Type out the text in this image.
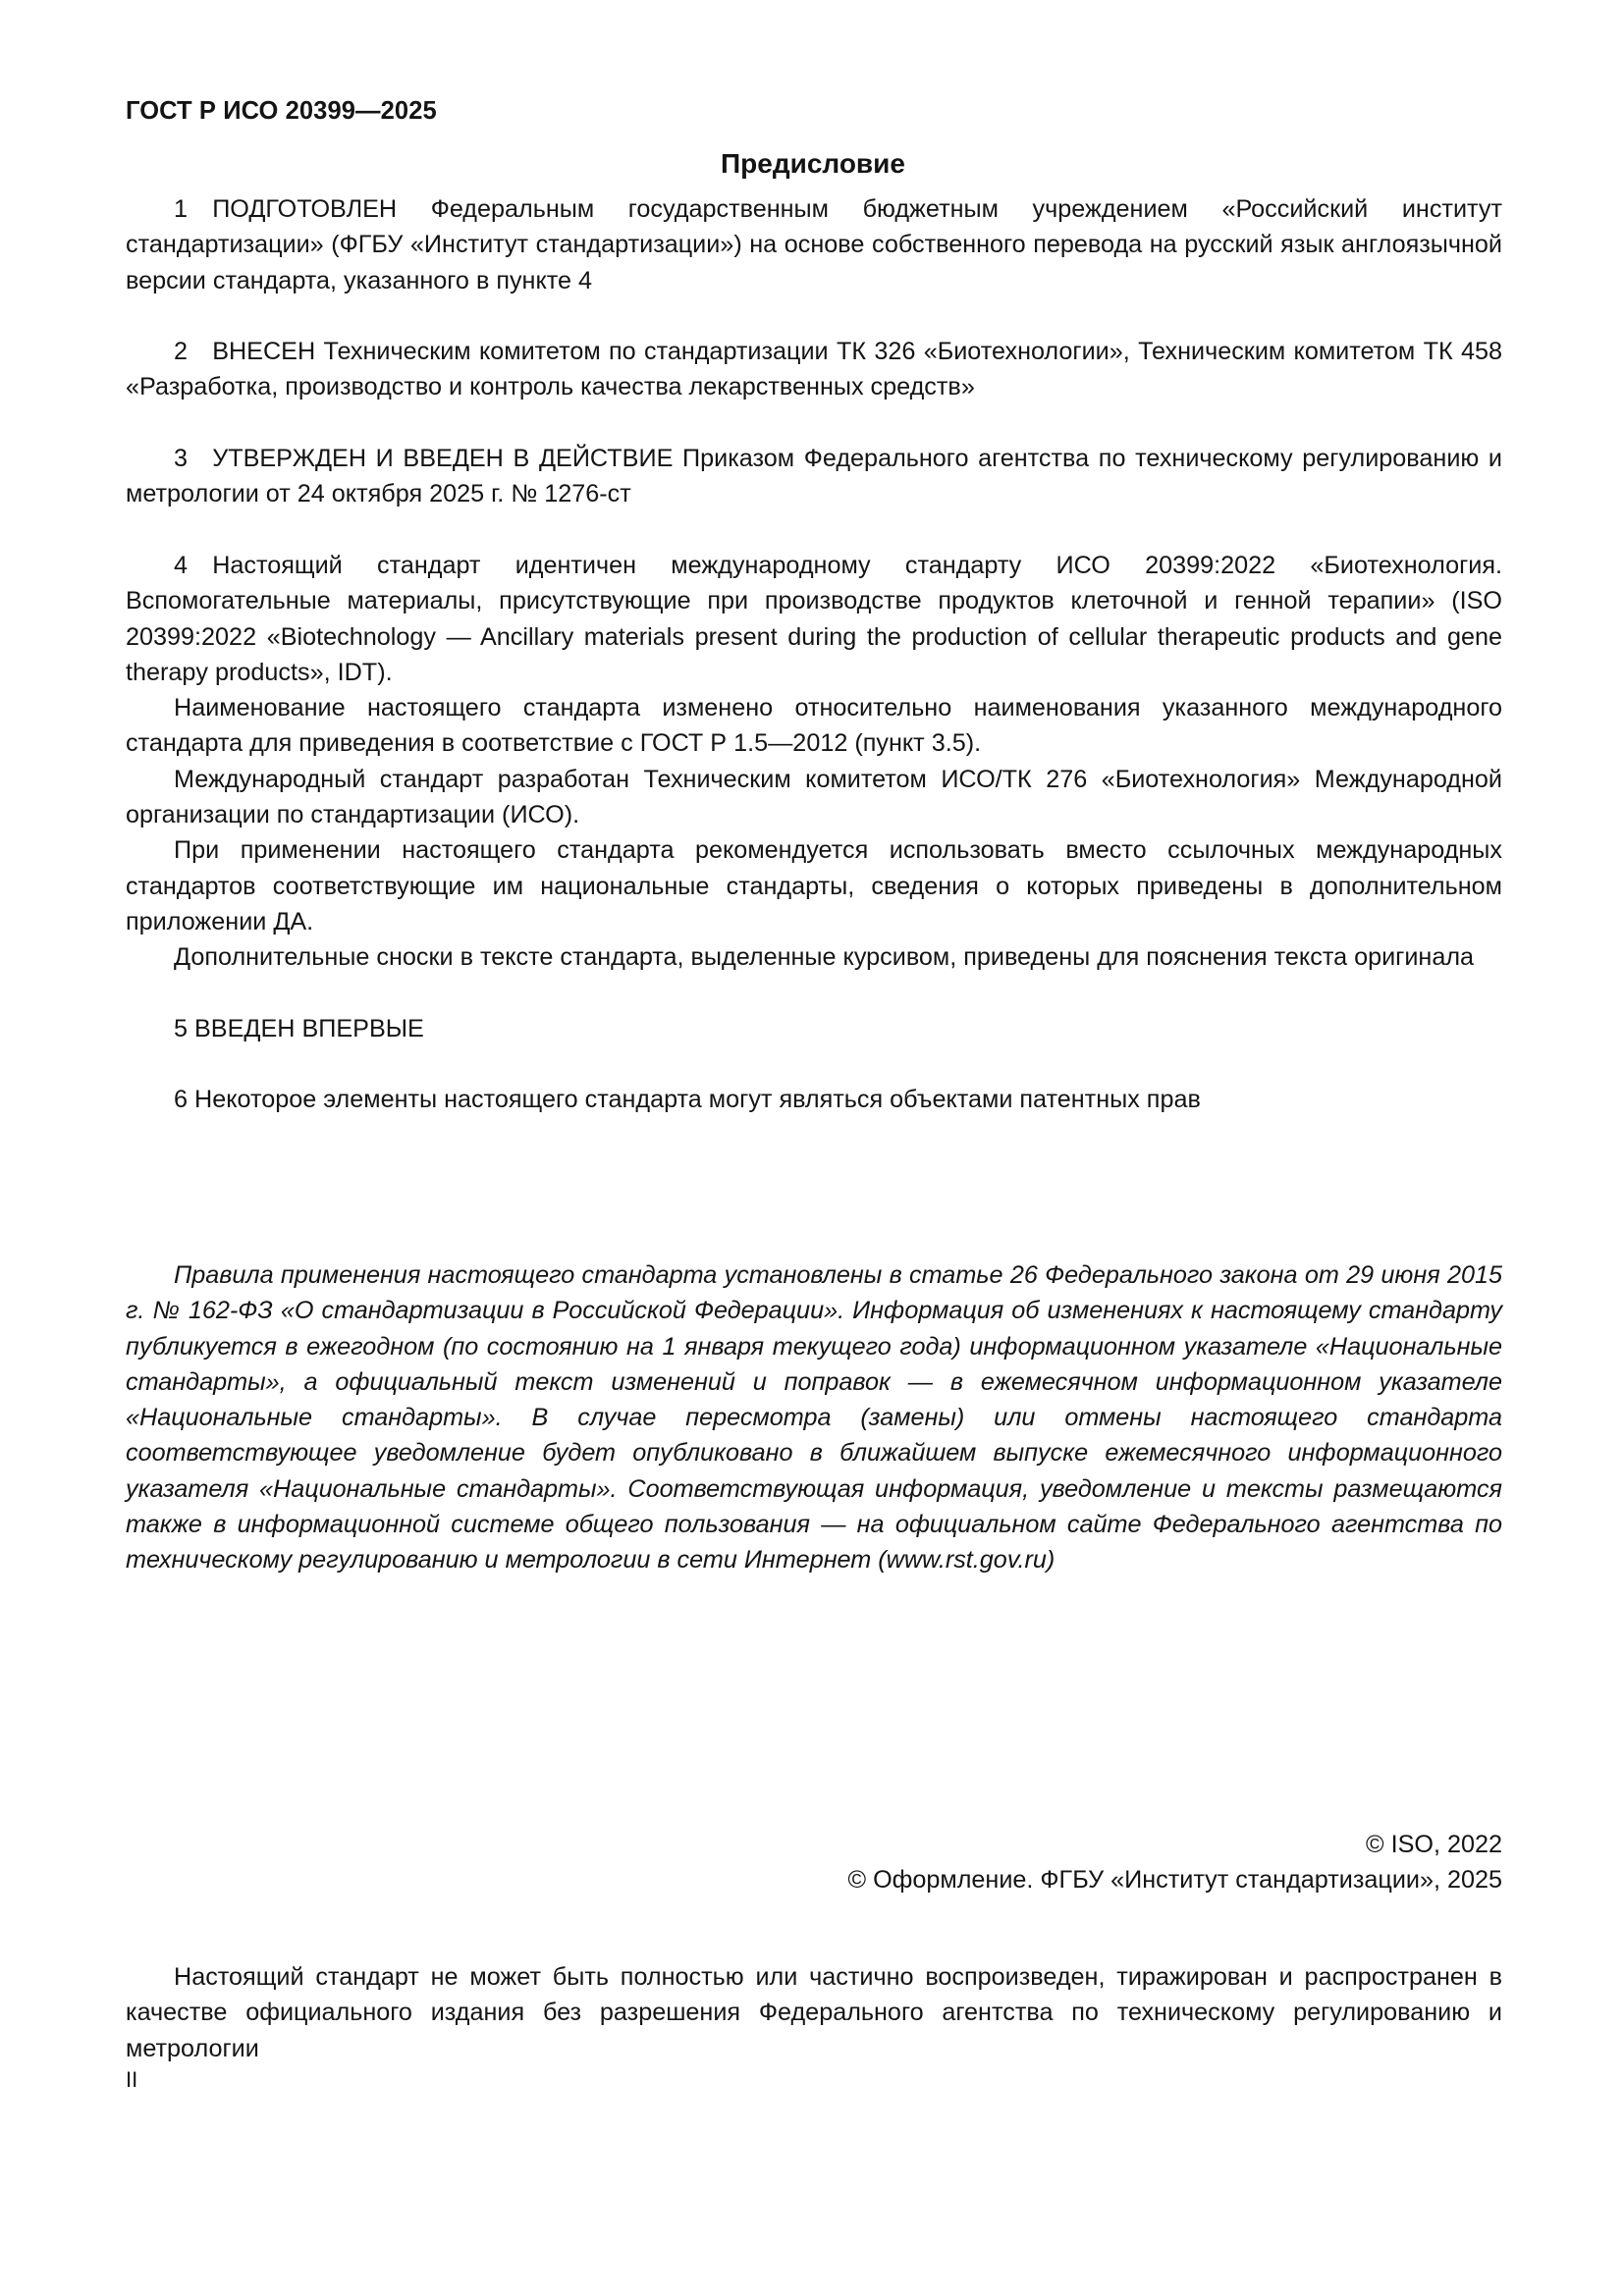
ГОСТ Р ИСО 20399—2025
Предисловие

1 ПОДГОТОВЛЕН Федеральным государственным бюджетным учреждением «Российский институт стандартизации» (ФГБУ «Институт стандартизации») на основе собственного перевода на русский язык англоязычной версии стандарта, указанного в пункте 4

2 ВНЕСЕН Техническим комитетом по стандартизации ТК 326 «Биотехнологии», Техническим комитетом ТК 458 «Разработка, производство и контроль качества лекарственных средств»

3 УТВЕРЖДЕН И ВВЕДЕН В ДЕЙСТВИЕ Приказом Федерального агентства по техническому регулированию и метрологии от 24 октября 2025 г. № 1276-ст

4 Настоящий стандарт идентичен международному стандарту ИСО 20399:2022 «Биотехнология. Вспомогательные материалы, присутствующие при производстве продуктов клеточной и генной терапии» (ISO 20399:2022 «Biotechnology — Ancillary materials present during the production of cellular therapeutic products and gene therapy products», IDT).

Наименование настоящего стандарта изменено относительно наименования указанного международного стандарта для приведения в соответствие с ГОСТ Р 1.5—2012 (пункт 3.5).

Международный стандарт разработан Техническим комитетом ИСО/ТК 276 «Биотехнология» Международной организации по стандартизации (ИСО).

При применении настоящего стандарта рекомендуется использовать вместо ссылочных международных стандартов соответствующие им национальные стандарты, сведения о которых приведены в дополнительном приложении ДА.

Дополнительные сноски в тексте стандарта, выделенные курсивом, приведены для пояснения текста оригинала

5 ВВЕДЕН ВПЕРВЫЕ

6 Некоторое элементы настоящего стандарта могут являться объектами патентных прав

Правила применения настоящего стандарта установлены в статье 26 Федерального закона от 29 июня 2015 г. № 162-ФЗ «О стандартизации в Российской Федерации». Информация об изменениях к настоящему стандарту публикуется в ежегодном (по состоянию на 1 января текущего года) информационном указателе «Национальные стандарты», а официальный текст изменений и поправок — в ежемесячном информационном указателе «Национальные стандарты». В случае пересмотра (замены) или отмены настоящего стандарта соответствующее уведомление будет опубликовано в ближайшем выпуске ежемесячного информационного указателя «Национальные стандарты». Соответствующая информация, уведомление и тексты размещаются также в информационной системе общего пользования — на официальном сайте Федерального агентства по техническому регулированию и метрологии в сети Интернет (www.rst.gov.ru)

© ISO, 2022
© Оформление. ФГБУ «Институт стандартизации», 2025

Настоящий стандарт не может быть полностью или частично воспроизведен, тиражирован и распространен в качестве официального издания без разрешения Федерального агентства по техническому регулированию и метрологии

II
